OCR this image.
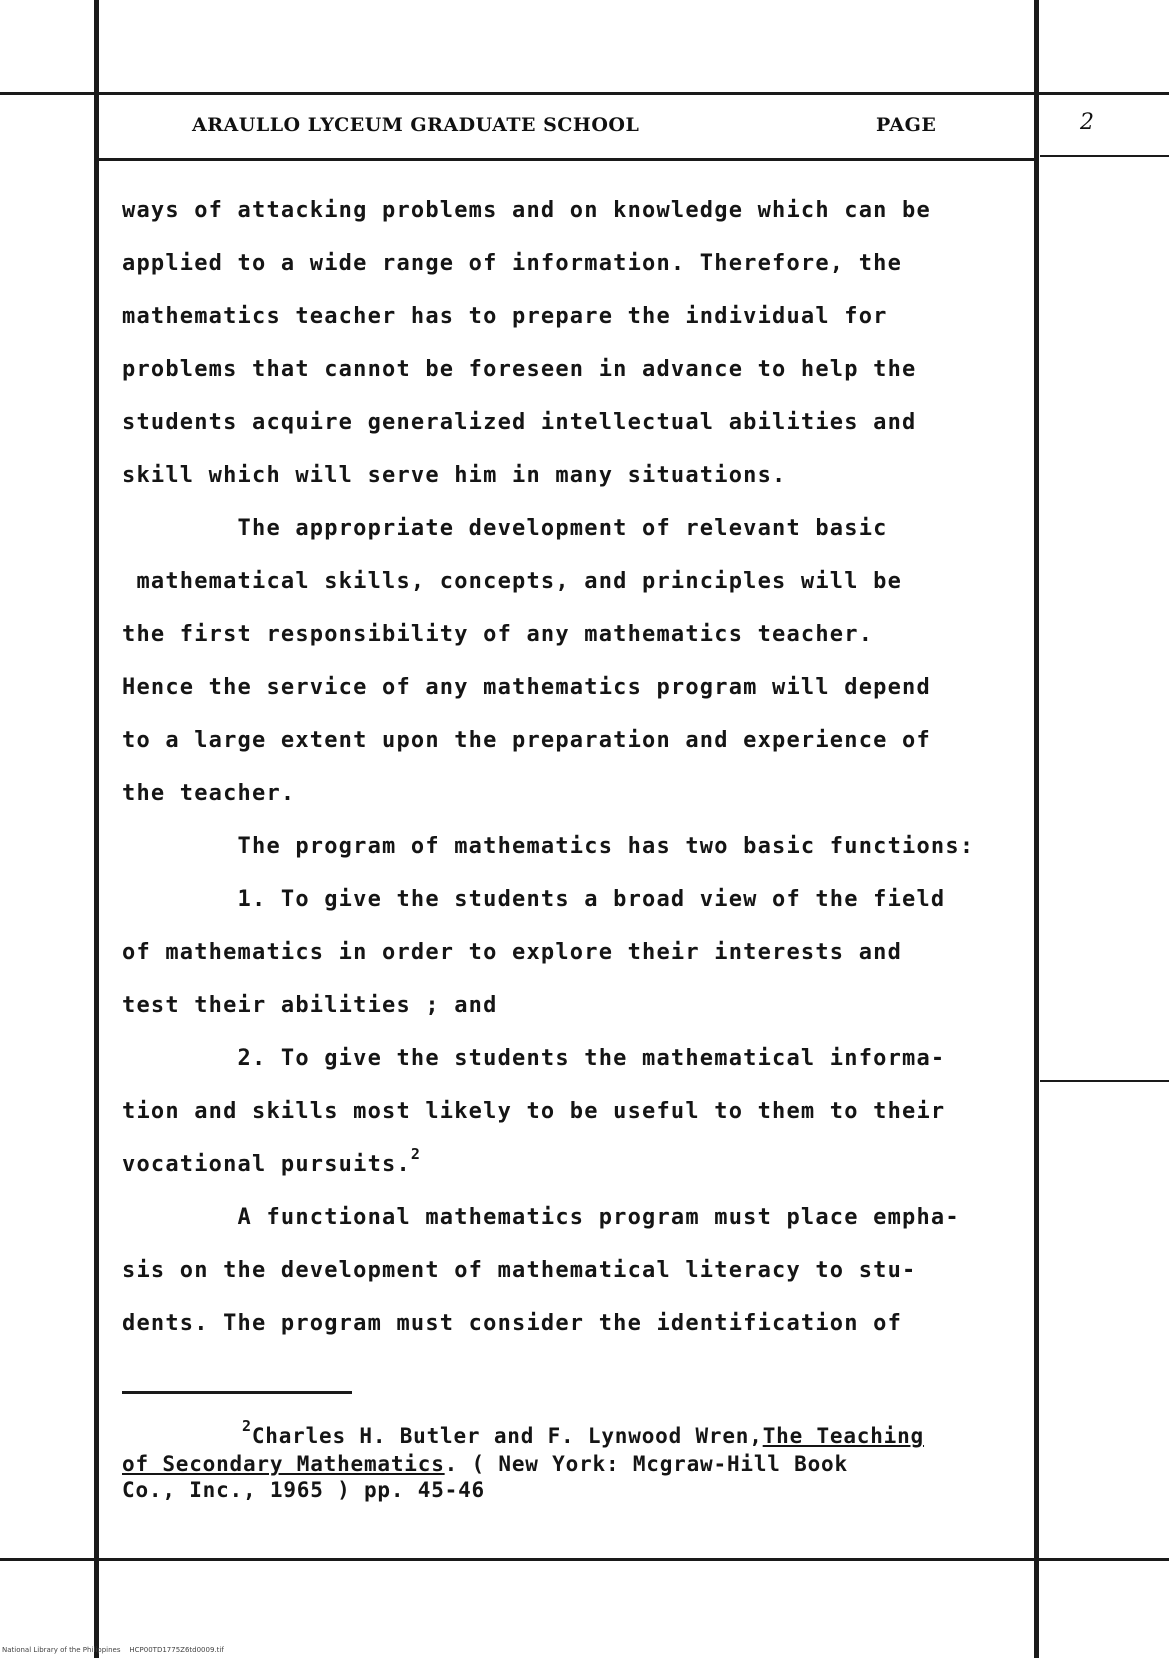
ARAULLO LYCEUM GRADUATE SCHOOL	PAGE	2
ways of attacking problems and on knowledge which can be
applied to a wide range of information. Therefore, the
mathematics teacher has to prepare the individual for
problems that cannot be foreseen in advance to help the
students acquire generalized intellectual abilities and
skill which will serve him in many situations.
The appropriate development of relevant basic
mathematical skills, concepts, and principles will be
the first responsibility of any mathematics teacher.
Hence the service of any mathematics program will depend
to a large extent upon the preparation and experience of
the teacher.
The program of mathematics has two basic functions:
1. To give the students a broad view of the field
of mathematics in order to explore their interests and
test their abilities ; and
2. To give the students the mathematical informa-
tion and skills most likely to be useful to them to their
vocational pursuits.$^2$
A functional mathematics program must place empha-
sis on the development of mathematical literacy to stu-
dents. The program must consider the identification of
$^2$Charles H. Butler and F. Lynwood Wren,The Teaching
of Secondary Mathematics. ( New York: Mcgraw-Hill Book
Co., Inc., 1965 ) pp. 45-46
National Library of the Philippines    HCP00TD1775Z6td0009.tif
